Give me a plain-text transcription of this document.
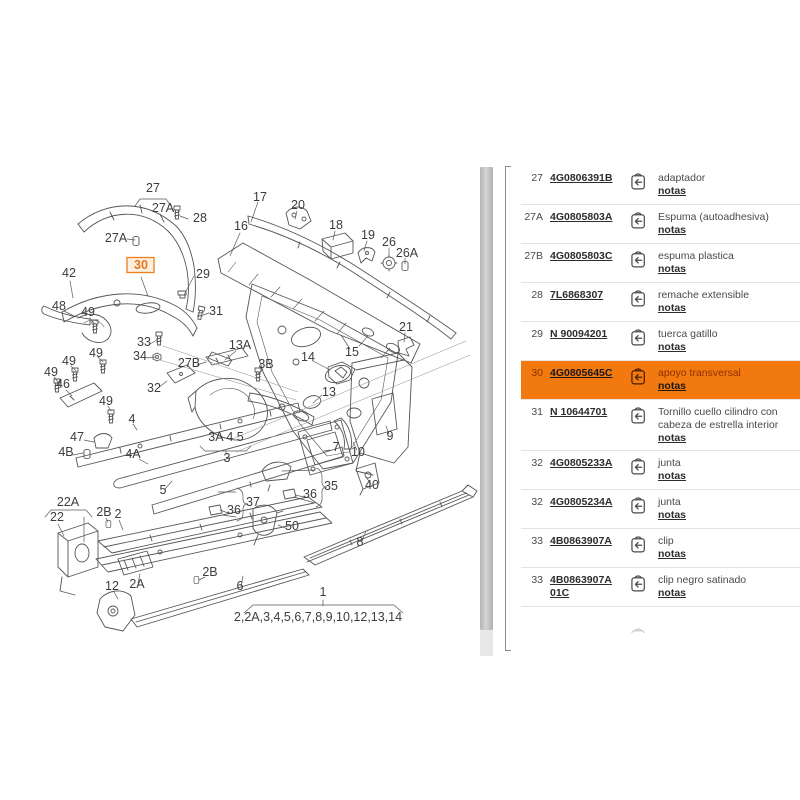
27
27A
28
27A
30
42	29
17
20
18
19 26
26A
16
21
15
31
13A
33
34 27B	3B 14
13
48 49
49
49
49
46	32
49
4
47
4B	4A
5
3A 4 5
3
22A
22	2B 2
2A
12
2B
6
36
37
35
36
50
40
7 10
9
8
1
2,2A,3,4,5,6,7,8,9,10,12,13,14
27 4G0806391B	adaptador
notas
27A 4G0805803A	Espuma (autoadhesiva)
notas
27B 4G0805803C	espuma plastica
notas
28 7L6868307	remache extensible
notas
29 N 90094201	tuerca gatillo
notas
30 4G0805645C	apoyo transversal
notas
31 N 10644701	Tornillo cuello cilindro con cabeza de estrella interior
notas
32 4G0805233A	junta
notas
32 4G0805234A	junta
notas
33 4B0863907A	clip
notas
33 4B0863907A 01C
clip negro satinado
notas
